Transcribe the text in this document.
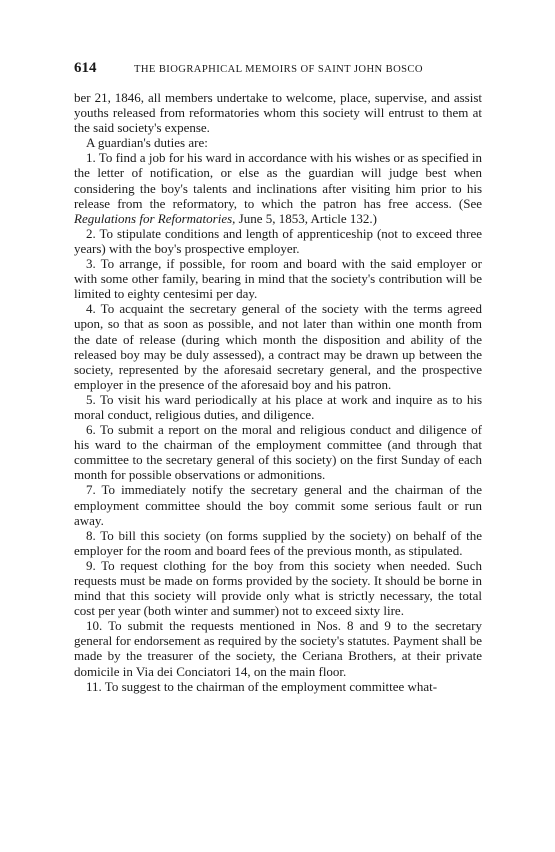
614	THE BIOGRAPHICAL MEMOIRS OF SAINT JOHN BOSCO

ber 21, 1846, all members undertake to welcome, place, supervise, and assist youths released from reformatories whom this society will entrust to them at the said society's expense.

A guardian's duties are:

1. To find a job for his ward in accordance with his wishes or as specified in the letter of notification, or else as the guardian will judge best when considering the boy's talents and inclinations after visiting him prior to his release from the reformatory, to which the patron has free access. (See Regulations for Reformatories, June 5, 1853, Article 132.)

2. To stipulate conditions and length of apprenticeship (not to exceed three years) with the boy's prospective employer.

3. To arrange, if possible, for room and board with the said employer or with some other family, bearing in mind that the society's contribution will be limited to eighty centesimi per day.

4. To acquaint the secretary general of the society with the terms agreed upon, so that as soon as possible, and not later than within one month from the date of release (during which month the disposition and ability of the released boy may be duly assessed), a contract may be drawn up between the society, represented by the aforesaid secretary general, and the prospective employer in the presence of the aforesaid boy and his patron.

5. To visit his ward periodically at his place at work and inquire as to his moral conduct, religious duties, and diligence.

6. To submit a report on the moral and religious conduct and diligence of his ward to the chairman of the employment committee (and through that committee to the secretary general of this society) on the first Sunday of each month for possible observations or admonitions.

7. To immediately notify the secretary general and the chairman of the employment committee should the boy commit some serious fault or run away.

8. To bill this society (on forms supplied by the society) on behalf of the employer for the room and board fees of the previous month, as stipulated.

9. To request clothing for the boy from this society when needed. Such requests must be made on forms provided by the society. It should be borne in mind that this society will provide only what is strictly necessary, the total cost per year (both winter and summer) not to exceed sixty lire.

10. To submit the requests mentioned in Nos. 8 and 9 to the secretary general for endorsement as required by the society's statutes. Payment shall be made by the treasurer of the society, the Ceriana Brothers, at their private domicile in Via dei Conciatori 14, on the main floor.

11. To suggest to the chairman of the employment committee what-
